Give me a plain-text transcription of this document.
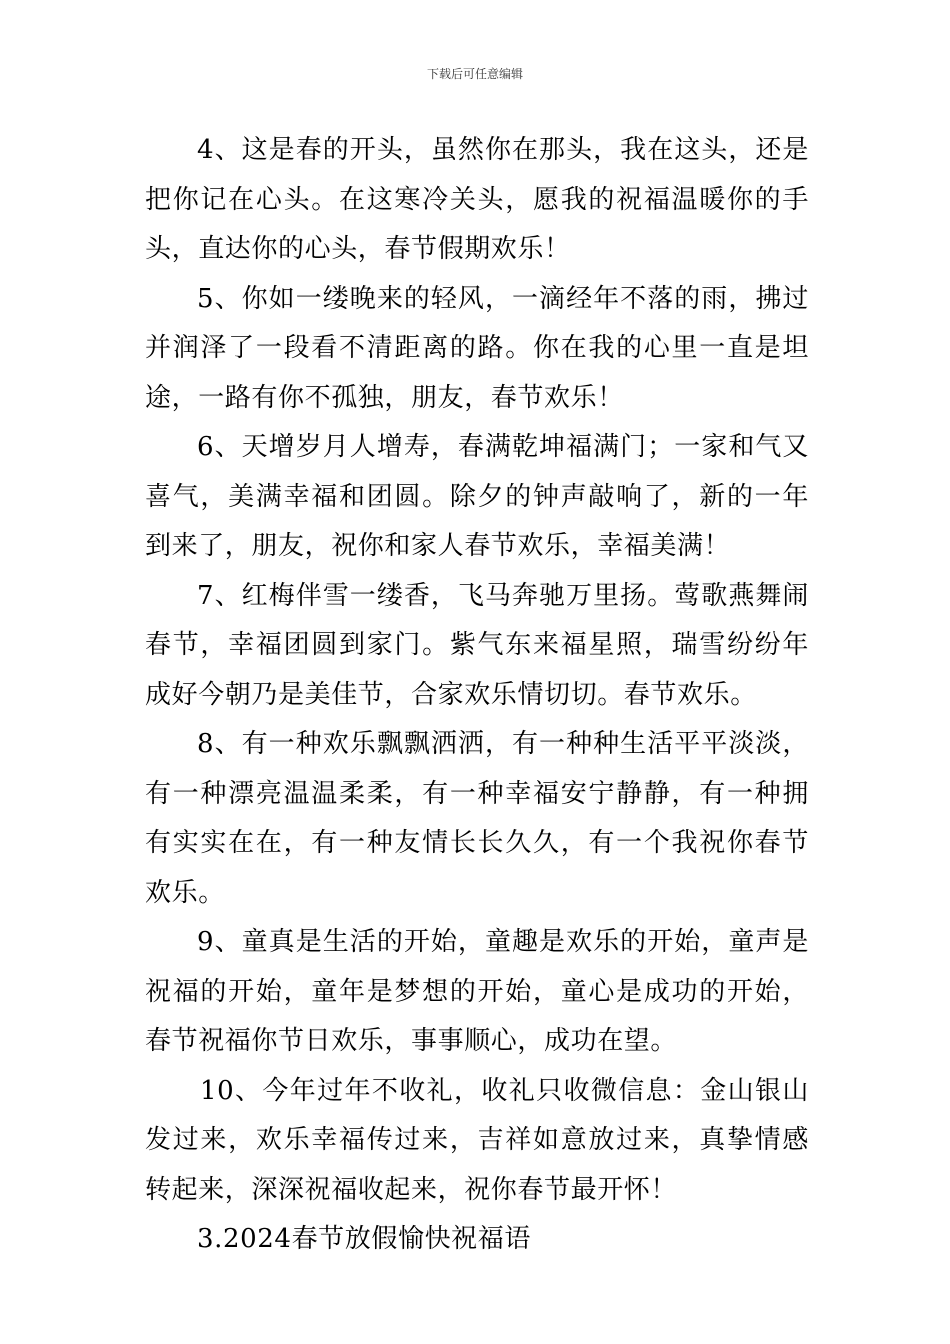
下载后可任意编辑

4、这是春的开头，虽然你在那头，我在这头，还是把你记在心头。在这寒冷关头，愿我的祝福温暖你的手头，直达你的心头，春节假期欢乐！

5、你如一缕晚来的轻风，一滴经年不落的雨，拂过并润泽了一段看不清距离的路。你在我的心里一直是坦途，一路有你不孤独，朋友，春节欢乐！

6、天增岁月人增寿，春满乾坤福满门；一家和气又喜气，美满幸福和团圆。除夕的钟声敲响了，新的一年到来了，朋友，祝你和家人春节欢乐，幸福美满！

7、红梅伴雪一缕香，飞马奔驰万里扬。莺歌燕舞闹春节，幸福团圆到家门。紫气东来福星照，瑞雪纷纷年成好今朝乃是美佳节，合家欢乐情切切。春节欢乐。

8、有一种欢乐飘飘洒洒，有一种种生活平平淡淡，有一种漂亮温温柔柔，有一种幸福安宁静静，有一种拥有实实在在，有一种友情长长久久，有一个我祝你春节欢乐。

9、童真是生活的开始，童趣是欢乐的开始，童声是祝福的开始，童年是梦想的开始，童心是成功的开始，春节祝福你节日欢乐，事事顺心，成功在望。

10、今年过年不收礼，收礼只收微信息：金山银山发过来，欢乐幸福传过来，吉祥如意放过来，真挚情感转起来，深深祝福收起来，祝你春节最开怀！

3.2024春节放假愉快祝福语
